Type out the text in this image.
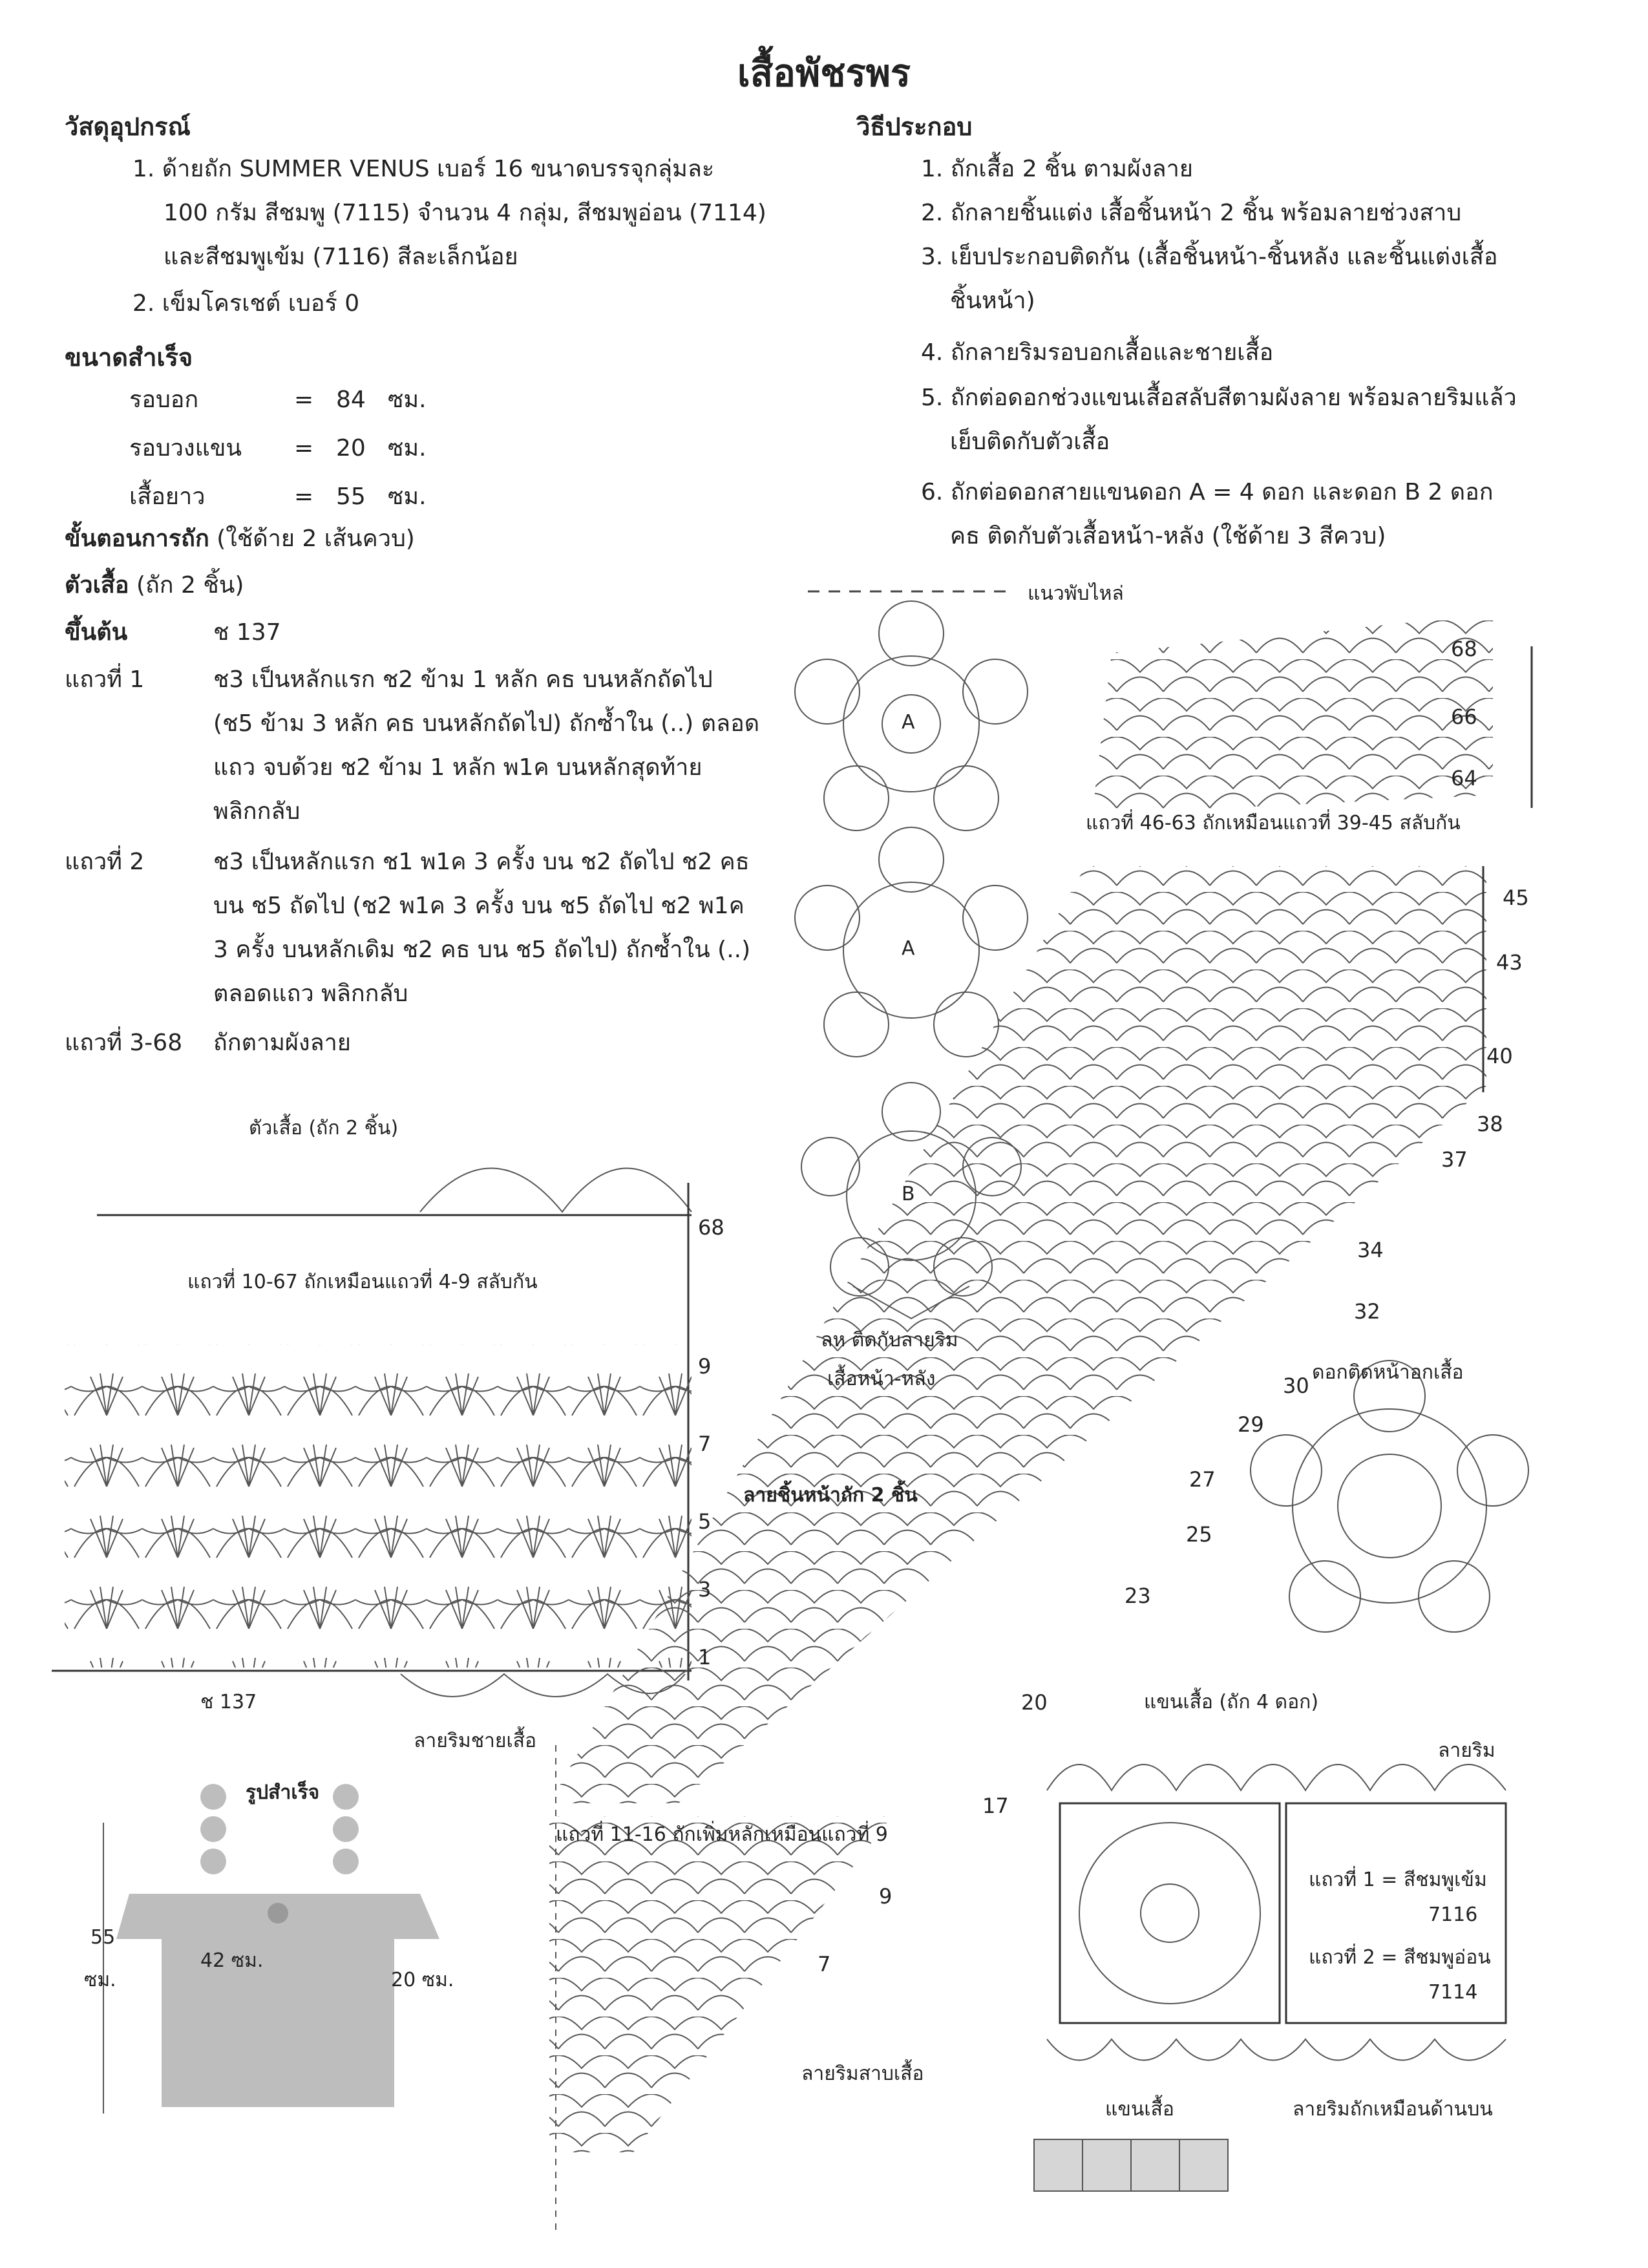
เสื้อพัชรพร
วัสดุอุปกรณ์
1. ด้ายถัก SUMMER VENUS เบอร์ 16 ขนาดบรรจุกลุ่มละ
100 กรัม สีชมพู (7115) จำนวน 4 กลุ่ม, สีชมพูอ่อน (7114)
และสีชมพูเข้ม (7116) สีละเล็กน้อย
2. เข็มโครเชต์ เบอร์ 0
ขนาดสำเร็จ
รอบอก	= 84 ซม.
รอบวงแขน = 20 ซม.
เสื้อยาว	= 55 ซม.
ขั้นตอนการถัก (ใช้ด้าย 2 เส้นควบ)
ตัวเสื้อ (ถัก 2 ชิ้น)
ขึ้นต้น	ช 137
แถวที่ 1	ช3 เป็นหลักแรก ช2 ข้าม 1 หลัก คธ บนหลักถัดไป
(ช5 ข้าม 3 หลัก คธ บนหลักถัดไป) ถักซ้ำใน (..) ตลอด
แถว จบด้วย ช2 ข้าม 1 หลัก พ1ค บนหลักสุดท้าย
พลิกกลับ
แถวที่ 2	ช3 เป็นหลักแรก ช1 พ1ค 3 ครั้ง บน ช2 ถัดไป ช2 คธ
บน ช5 ถัดไป (ช2 พ1ค 3 ครั้ง บน ช5 ถัดไป ช2 พ1ค
3 ครั้ง บนหลักเดิม ช2 คธ บน ช5 ถัดไป) ถักซ้ำใน (..)
ตลอดแถว พลิกกลับ
แถวที่ 3-68 ถักตามผังลาย
วิธีประกอบ
1. ถักเสื้อ 2 ชิ้น ตามผังลาย
2. ถักลายชิ้นแต่ง เสื้อชิ้นหน้า 2 ชิ้น พร้อมลายช่วงสาบ
3. เย็บประกอบติดกัน (เสื้อชิ้นหน้า-ชิ้นหลัง และชิ้นแต่งเสื้อ
ชิ้นหน้า)
4. ถักลายริมรอบอกเสื้อและชายเสื้อ
5. ถักต่อดอกช่วงแขนเสื้อสลับสีตามผังลาย พร้อมลายริมแล้ว
เย็บติดกับตัวเสื้อ
6. ถักต่อดอกสายแขนดอก A = 4 ดอก และดอก B 2 ดอก
คธ ติดกับตัวเสื้อหน้า-หลัง (ใช้ด้าย 3 สีควบ)
แนวพับไหล่
ตัวเสื้อ (ถัก 2 ชิ้น)
แถวที่ 10-67 ถักเหมือนแถวที่ 4-9 สลับกัน
ช 137
ลายริมชายเสื้อ
ลห ติดกับลายริม
เสื้อหน้า-หลัง
แถวที่ 46-63 ถักเหมือนแถวที่ 39-45 สลับกัน
ลายชิ้นหน้าถัก 2 ชิ้น
ดอกติดหน้าอกเสื้อ
แถวที่ 11-16 ถักเพิ่มหลักเหมือนแถวที่ 9
ลายริมสาบเสื้อ
แขนเสื้อ (ถัก 4 ดอก)
ลายริม
แถวที่ 1 = สีชมพูเข้ม
7116
แถวที่ 2 = สีชมพูอ่อน
7114
แขนเสื้อ	ลายริมถักเหมือนด้านบน
รูปสำเร็จ
55
ซม.
42 ซม.
20 ซม.
A
A
B
68
9
7
5
3
1
68
66
64
45
43
40
38
37
34
32
30
29
27
25
23
20
17
9
7
